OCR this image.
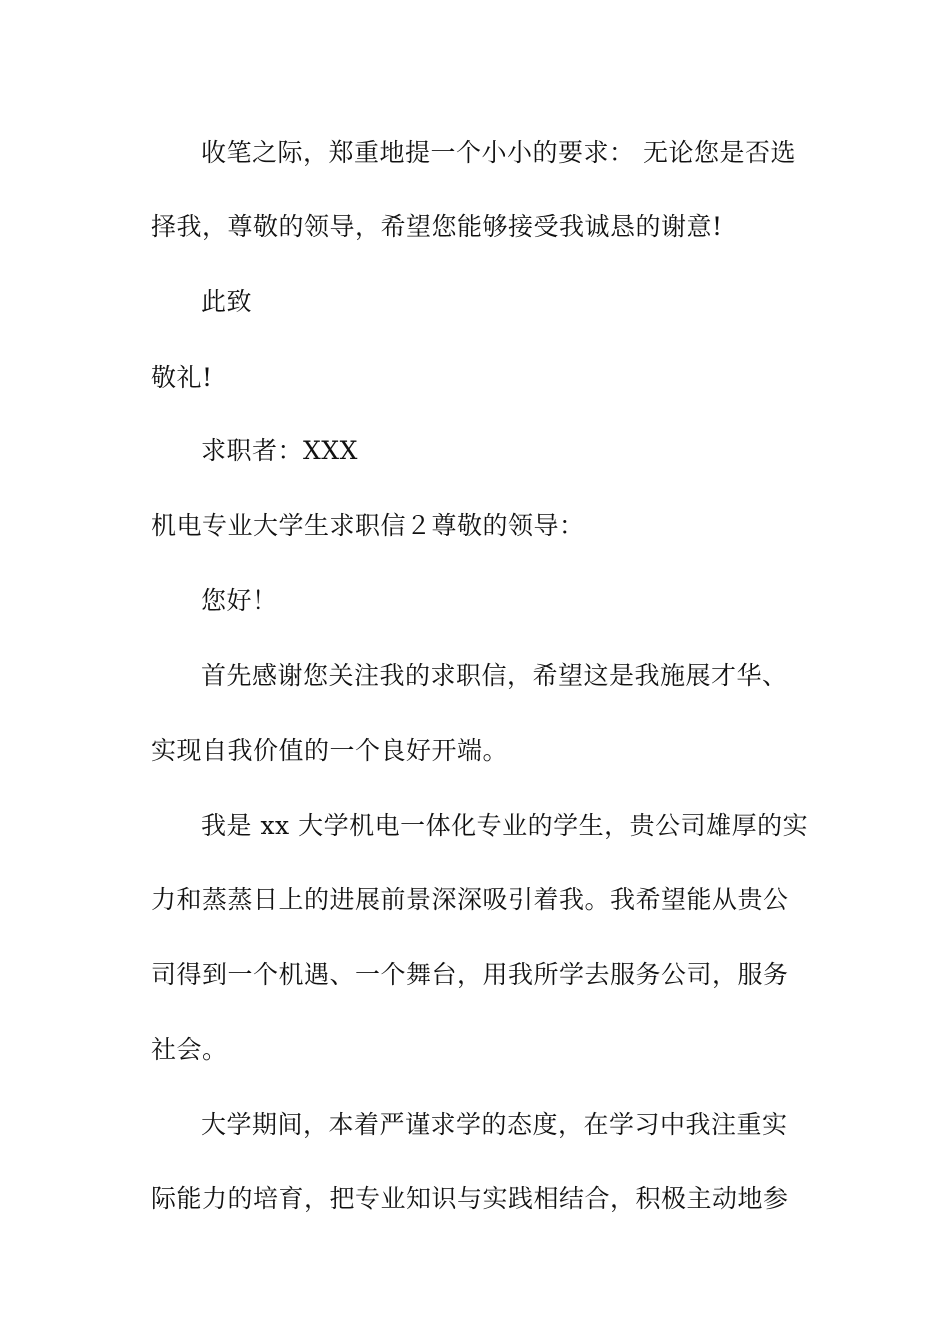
收笔之际，郑重地提一个小小的要求： 无论您是否选

择我，尊敬的领导，希望您能够接受我诚恳的谢意!

此致

敬礼!

求职者：XXX

机电专业大学生求职信２尊敬的领导：

您好！

首先感谢您关注我的求职信，希望这是我施展才华、

实现自我价值的一个良好开端。

我是 xx 大学机电一体化专业的学生，贵公司雄厚的实

力和蒸蒸日上的进展前景深深吸引着我。我希望能从贵公

司得到一个机遇、一个舞台，用我所学去服务公司，服务

社会。

大学期间，本着严谨求学的态度，在学习中我注重实

际能力的培育，把专业知识与实践相结合，积极主动地参
